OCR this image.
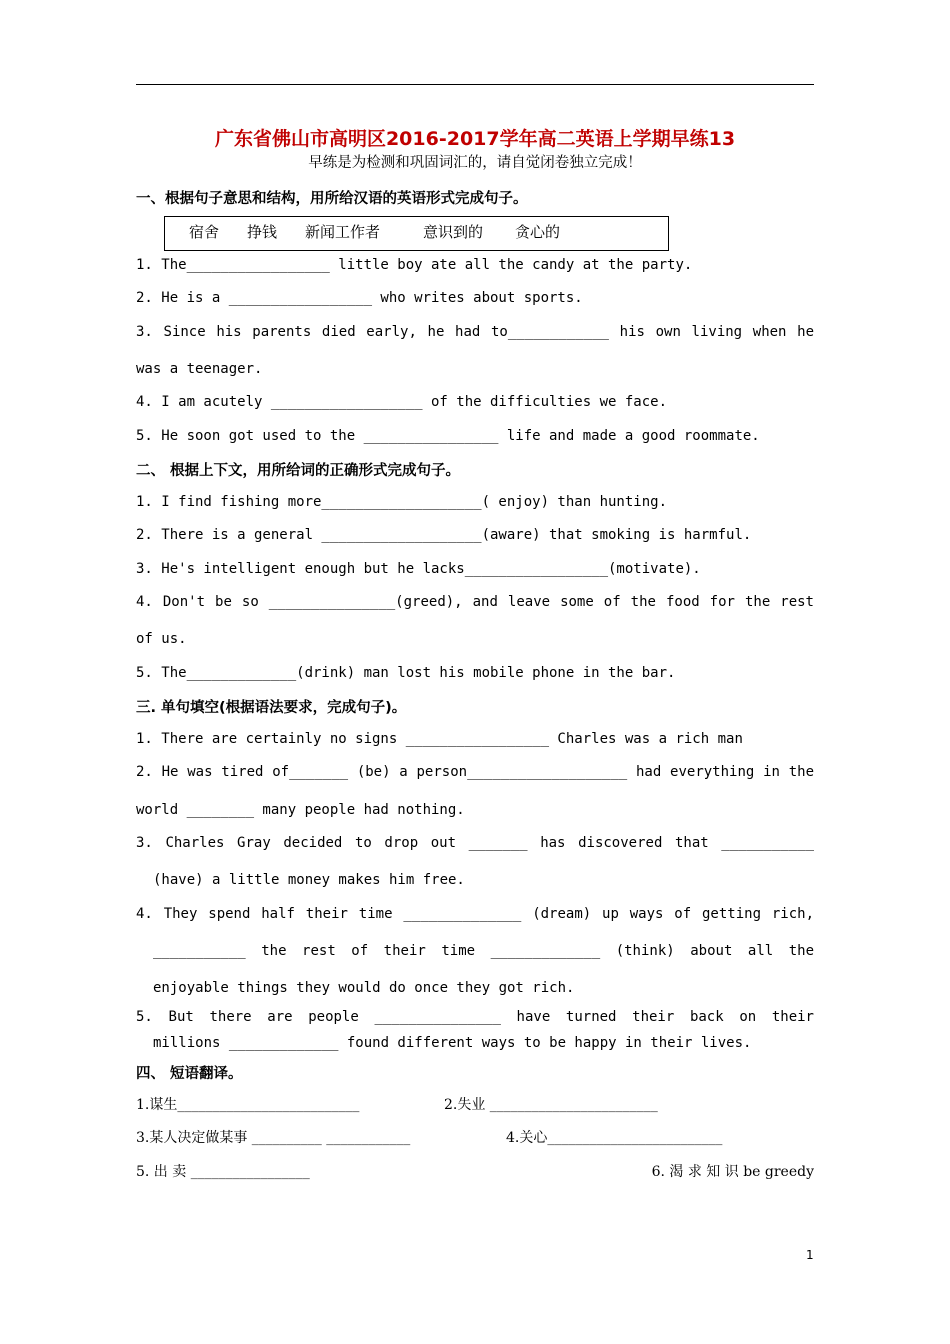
广东省佛山市高明区2016-2017学年高二英语上学期早练13
早练是为检测和巩固词汇的，请自觉闭卷独立完成！
一、根据句子意思和结构，用所给汉语的英语形式完成句子。
宿舍 挣钱 新闻工作者	意识到的 贪心的
1. The_________________ little boy ate all the candy at the party.
2. He is a _________________ who writes about sports.
3. Since his parents died early, he had to____________ his own living when he
was a teenager.
4. I am acutely __________________ of the difficulties we face.
5. He soon got used to the ________________ life and made a good roommate.
二、 根据上下文，用所给词的正确形式完成句子。
1. I find fishing more___________________( enjoy) than hunting.
2. There is a general ___________________(aware) that smoking is harmful.
3. He's intelligent enough but he lacks_________________(motivate).
4. Don't be so _______________(greed), and leave some of the food for the rest
of us.
5. The_____________(drink) man lost his mobile phone in the bar.
三. 单句填空(根据语法要求，完成句子)。
1. There are certainly no signs _________________ Charles was a rich man
2. He was tired of_______ (be) a person___________________ had everything in the
world ________ many people had nothing.
3. Charles Gray decided to drop out _______ has discovered that ___________
(have) a little money makes him free.
4. They spend half their time ______________ (dream) up ways of getting rich,
___________ the rest of their time _____________ (think) about all the
enjoyable things they would do once they got rich.
5. But there are people _______________ have turned their back on their
millions _____________ found different ways to be happy in their lives.
四、 短语翻译。
1.谋生__________________________	2.失业 ________________________
3.某人决定做某事 __________ ____________	4.关心_________________________
5. 出 卖 _________________	6. 渴 求 知 识 be greedy
1
